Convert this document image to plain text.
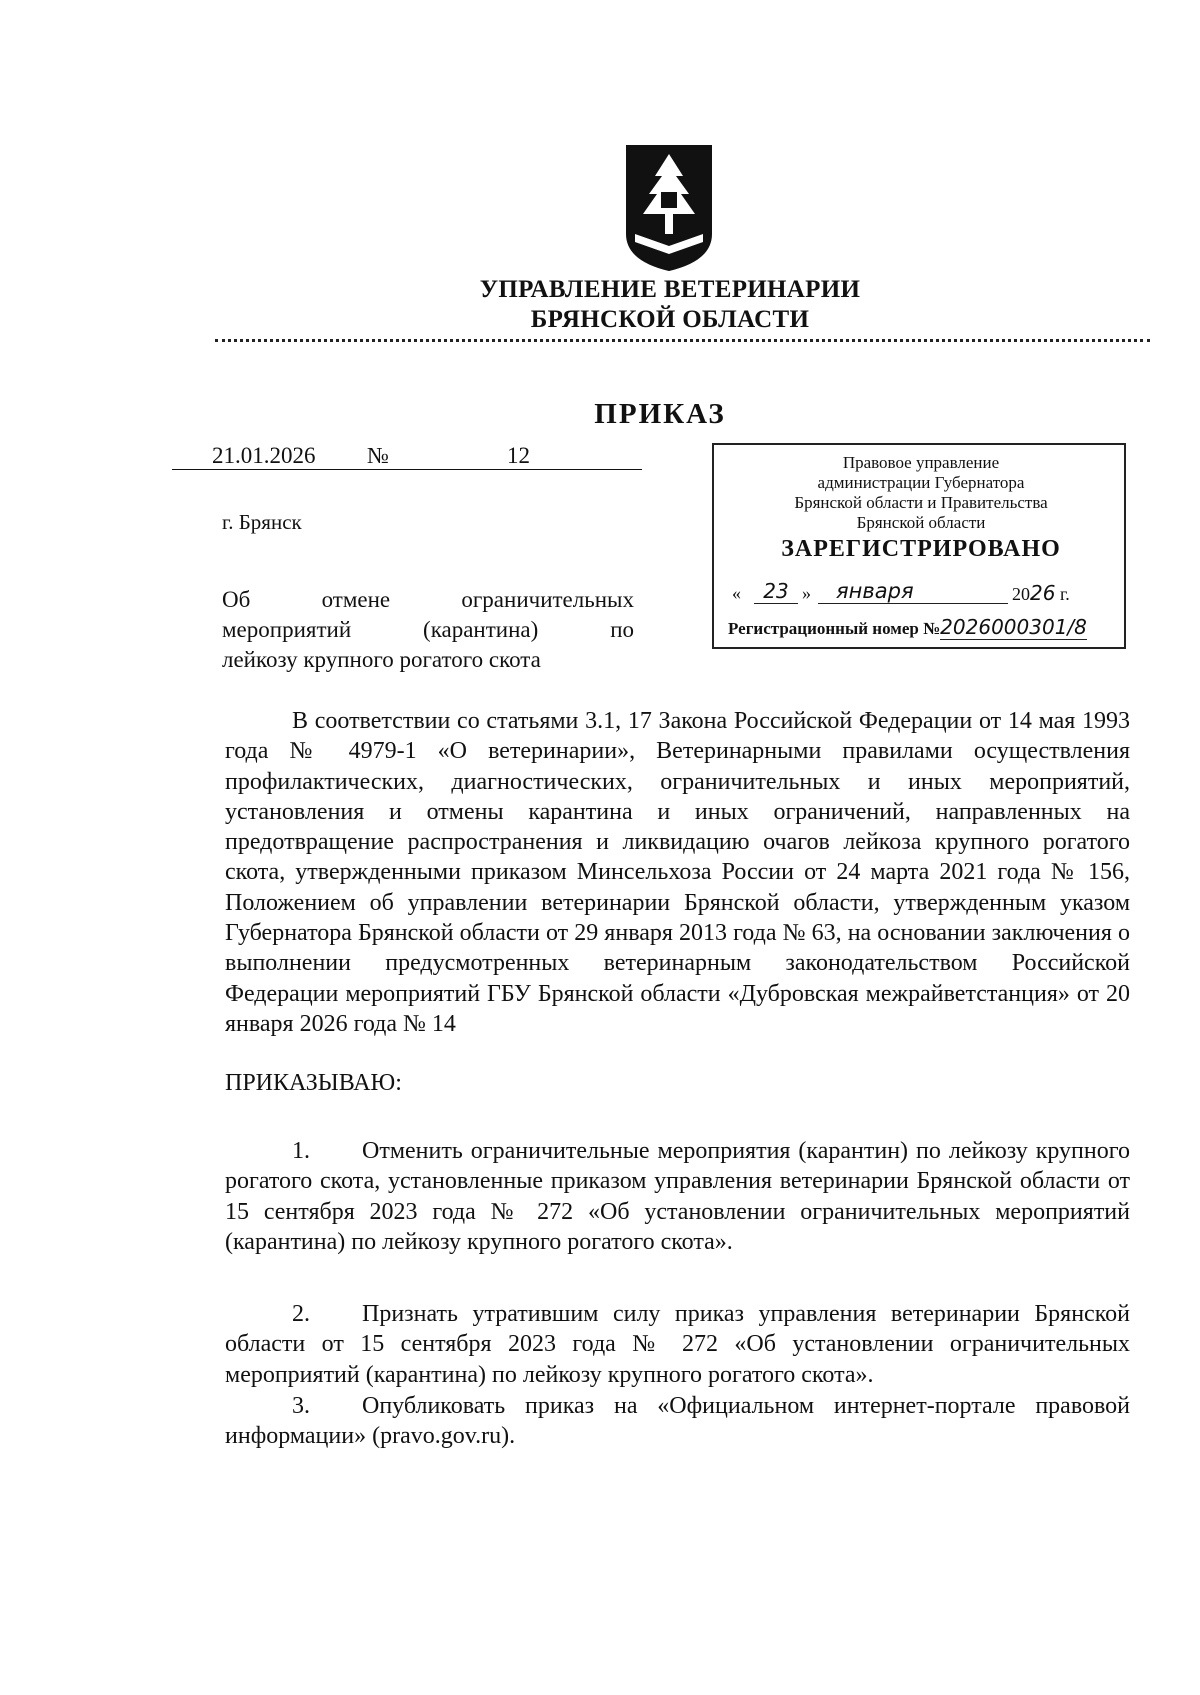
УПРАВЛЕНИЕ ВЕТЕРИНАРИИ
БРЯНСКОЙ ОБЛАСТИ
ПРИКАЗ
21.01.2026 №	12
г. Брянск
Об отмене ограничительных
мероприятий (карантина) по
лейкозу крупного рогатого скота
Правовое управление
администрации Губернатора
Брянской области и Правительства
Брянской области
ЗАРЕГИСТРИРОВАНО
«	23 »	января	2026 г.
Регистрационный номер №2026000301/8
В соответствии со статьями 3.1, 17 Закона Российской Федерации от 14 мая 1993 года № 4979-1 «О ветеринарии», Ветеринарными правилами осуществления профилактических, диагностических, ограничительных и иных мероприятий, установления и отмены карантина и иных ограничений, направленных на предотвращение распространения и ликвидацию очагов лейкоза крупного рогатого скота, утвержденными приказом Минсельхоза России от 24 марта 2021 года № 156, Положением об управлении ветеринарии Брянской области, утвержденным указом Губернатора Брянской области от 29 января 2013 года № 63, на основании заключения о выполнении предусмотренных ветеринарным законодательством Российской Федерации мероприятий ГБУ Брянской области «Дубровская межрайветстанция» от 20 января 2026 года № 14
ПРИКАЗЫВАЮ:
1. Отменить ограничительные мероприятия (карантин) по лейкозу крупного рогатого скота, установленные приказом управления ветеринарии Брянской области от 15 сентября 2023 года № 272 «Об установлении ограничительных мероприятий (карантина) по лейкозу крупного рогатого скота».
2. Признать утратившим силу приказ управления ветеринарии Брянской области от 15 сентября 2023 года № 272 «Об установлении ограничительных мероприятий (карантина) по лейкозу крупного рогатого скота».
3. Опубликовать приказ на «Официальном интернет-портале правовой информации» (pravo.gov.ru).
